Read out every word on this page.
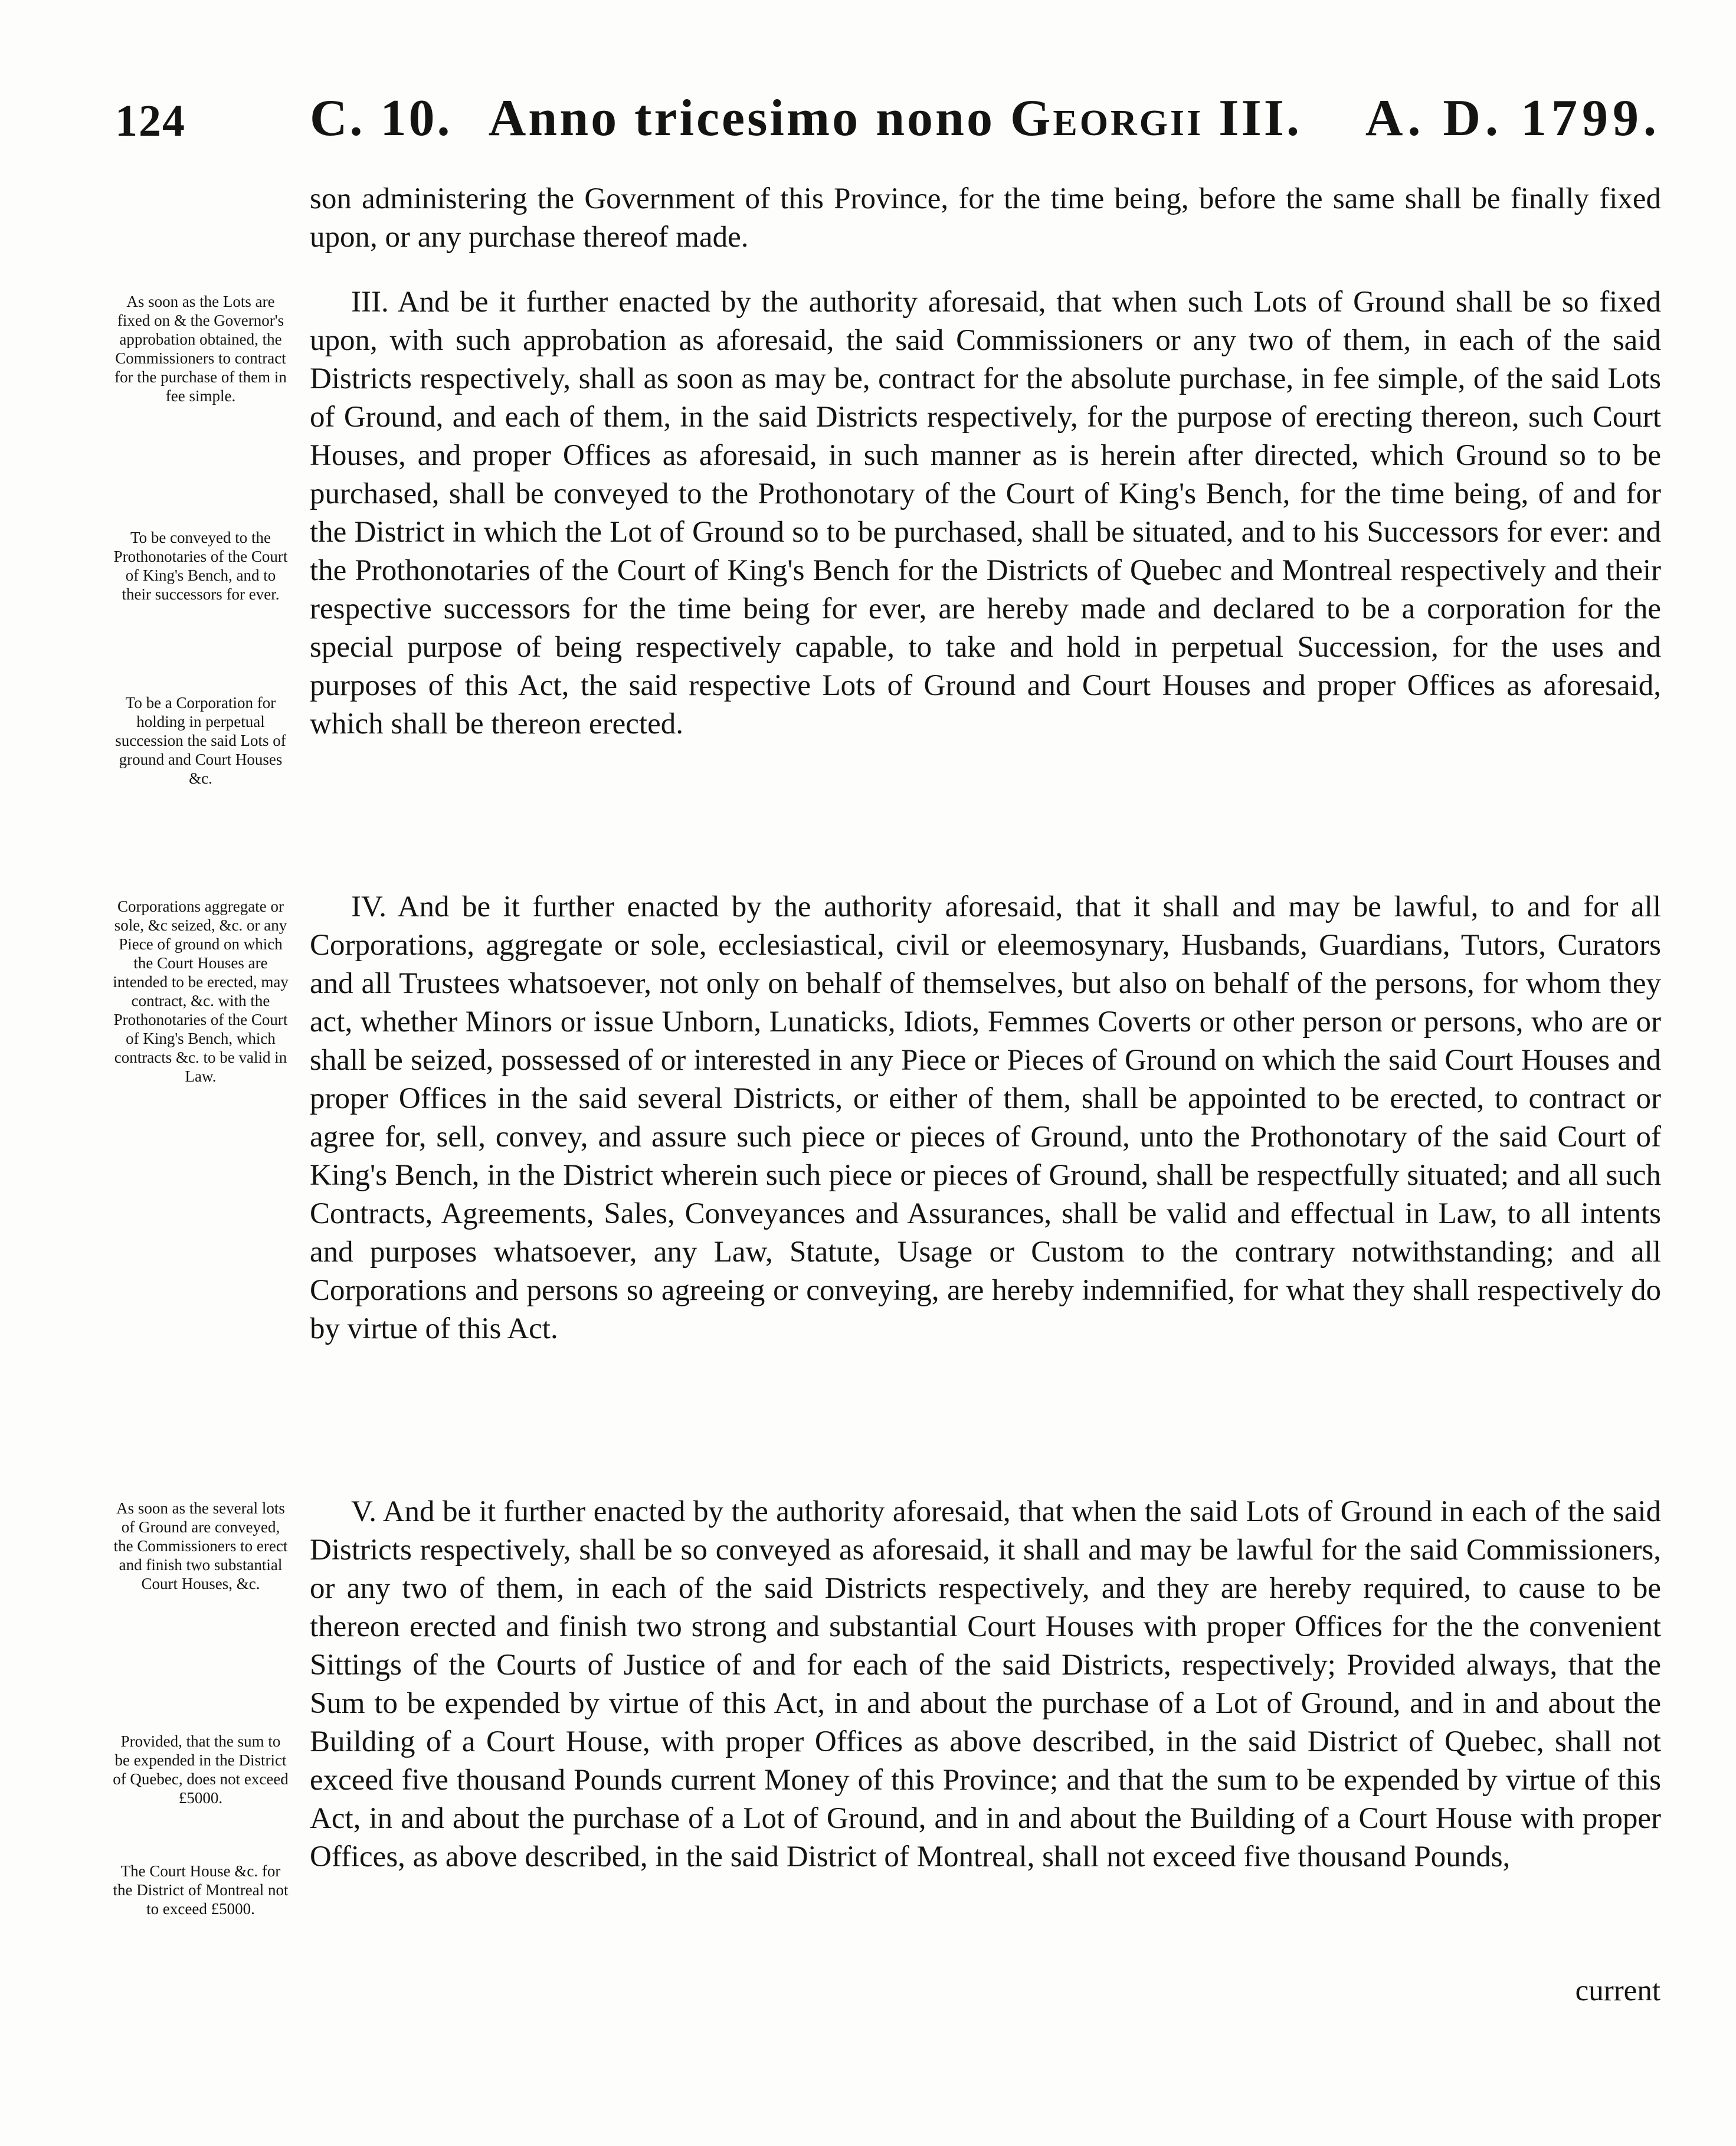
124 C. 10. Anno tricesimo nono Georgii III. A. D. 1799.

son administering the Government of this Province, for the time being, before the same shall be finally fixed upon, or any purchase thereof made.

III. And be it further enacted by the authority aforesaid, that when such Lots of Ground shall be so fixed upon, with such approbation as aforesaid, the said Commissioners or any two of them, in each of the said Districts respectively, shall as soon as may be, contract for the absolute purchase, in fee simple, of the said Lots of Ground, and each of them, in the said Districts respectively, for the purpose of erecting thereon, such Court Houses, and proper Offices as aforesaid, in such manner as is herein after directed, which Ground so to be purchased, shall be conveyed to the Prothonotary of the Court of King's Bench, for the time being, of and for the District in which the Lot of Ground so to be purchased, shall be situated, and to his Successors for ever: and the Prothonotaries of the Court of King's Bench for the Districts of Quebec and Montreal respectively and their respective successors for the time being for ever, are hereby made and declared to be a corporation for the special purpose of being respectively capable, to take and hold in perpetual Succession, for the uses and purposes of this Act, the said respective Lots of Ground and Court Houses and proper Offices as aforesaid, which shall be thereon erected.

IV. And be it further enacted by the authority aforesaid, that it shall and may be lawful, to and for all Corporations, aggregate or sole, ecclesiastical, civil or eleemosynary, Husbands, Guardians, Tutors, Curators and all Trustees whatsoever, not only on behalf of themselves, but also on behalf of the persons, for whom they act, whether Minors or issue Unborn, Lunaticks, Idiots, Femmes Coverts or other person or persons, who are or shall be seized, possessed of or interested in any Piece or Pieces of Ground on which the said Court Houses and proper Offices in the said several Districts, or either of them, shall be appointed to be erected, to contract or agree for, sell, convey, and assure such piece or pieces of Ground, unto the Prothonotary of the said Court of King's Bench, in the District wherein such piece or pieces of Ground, shall be respectfully situated; and all such Contracts, Agreements, Sales, Conveyances and Assurances, shall be valid and effectual in Law, to all intents and purposes whatsoever, any Law, Statute, Usage or Custom to the contrary notwithstanding; and all Corporations and persons so agreeing or conveying, are hereby indemnified, for what they shall respectively do by virtue of this Act.

V. And be it further enacted by the authority aforesaid, that when the said Lots of Ground in each of the said Districts respectively, shall be so conveyed as aforesaid, it shall and may be lawful for the said Commissioners, or any two of them, in each of the said Districts respectively, and they are hereby required, to cause to be thereon erected and finish two strong and substantial Court Houses with proper Offices for the the convenient Sittings of the Courts of Justice of and for each of the said Districts, respectively; Provided always, that the Sum to be expended by virtue of this Act, in and about the purchase of a Lot of Ground, and in and about the Building of a Court House, with proper Offices as above described, in the said District of Quebec, shall not exceed five thousand Pounds current Money of this Province; and that the sum to be expended by virtue of this Act, in and about the purchase of a Lot of Ground, and in and about the Building of a Court House with proper Offices, as above described, in the said District of Montreal, shall not exceed five thousand Pounds,

current

As soon as the Lots are fixed on & the Governor's approbation obtained, the Commissioners to contract for the purchase of them in fee simple.

To be conveyed to the Prothonotaries of the Court of King's Bench, and to their successors for ever.

To be a Corporation for holding in perpetual succession the said Lots of ground and Court Houses &c.

Corporations aggregate or sole, &c seized, &c. or any Piece of ground on which the Court Houses are intended to be erected, may contract, &c. with the Prothonotaries of the Court of King's Bench, which contracts &c. to be valid in Law.

As soon as the several lots of Ground are conveyed, the Commissioners to erect and finish two substantial Court Houses, &c.

Provided, that the sum to be expended in the District of Quebec, does not exceed £5000.

The Court House &c. for the District of Montreal not to exceed £5000.
